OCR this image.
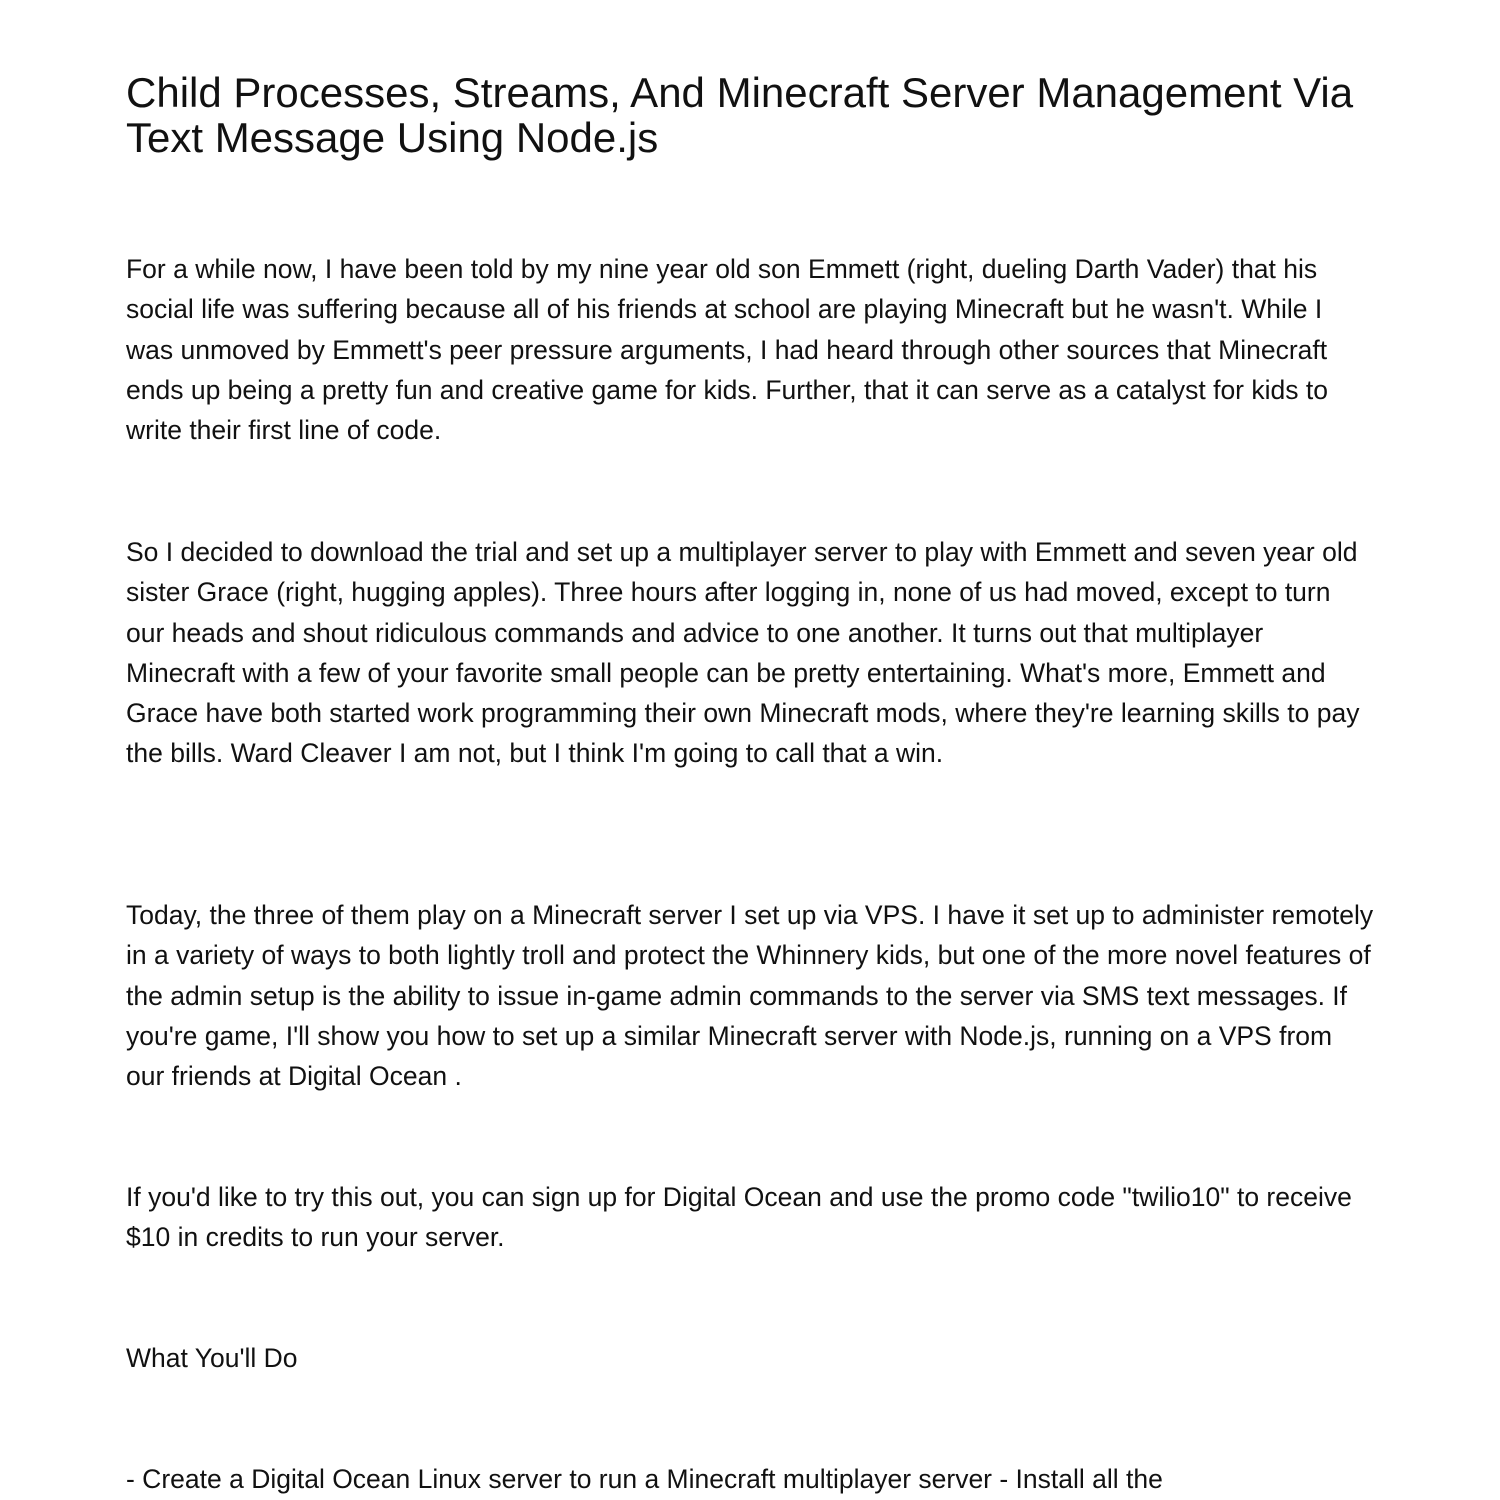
Child Processes, Streams, And Minecraft Server Management Via Text Message Using Node.js

For a while now, I have been told by my nine year old son Emmett (right, dueling Darth Vader) that his social life was suffering because all of his friends at school are playing Minecraft but he wasn't. While I was unmoved by Emmett's peer pressure arguments, I had heard through other sources that Minecraft ends up being a pretty fun and creative game for kids. Further, that it can serve as a catalyst for kids to write their first line of code.

So I decided to download the trial and set up a multiplayer server to play with Emmett and seven year old sister Grace (right, hugging apples). Three hours after logging in, none of us had moved, except to turn our heads and shout ridiculous commands and advice to one another. It turns out that multiplayer Minecraft with a few of your favorite small people can be pretty entertaining. What's more, Emmett and Grace have both started work programming their own Minecraft mods, where they're learning skills to pay the bills. Ward Cleaver I am not, but I think I'm going to call that a win.

Today, the three of them play on a Minecraft server I set up via VPS. I have it set up to administer remotely in a variety of ways to both lightly troll and protect the Whinnery kids, but one of the more novel features of the admin setup is the ability to issue in-game admin commands to the server via SMS text messages. If you're game, I'll show you how to set up a similar Minecraft server with Node.js, running on a VPS from our friends at Digital Ocean .

If you'd like to try this out, you can sign up for Digital Ocean and use the promo code "twilio10" to receive $10 in credits to run your server.

What You'll Do

- Create a Digital Ocean Linux server to run a Minecraft multiplayer server - Install all the
